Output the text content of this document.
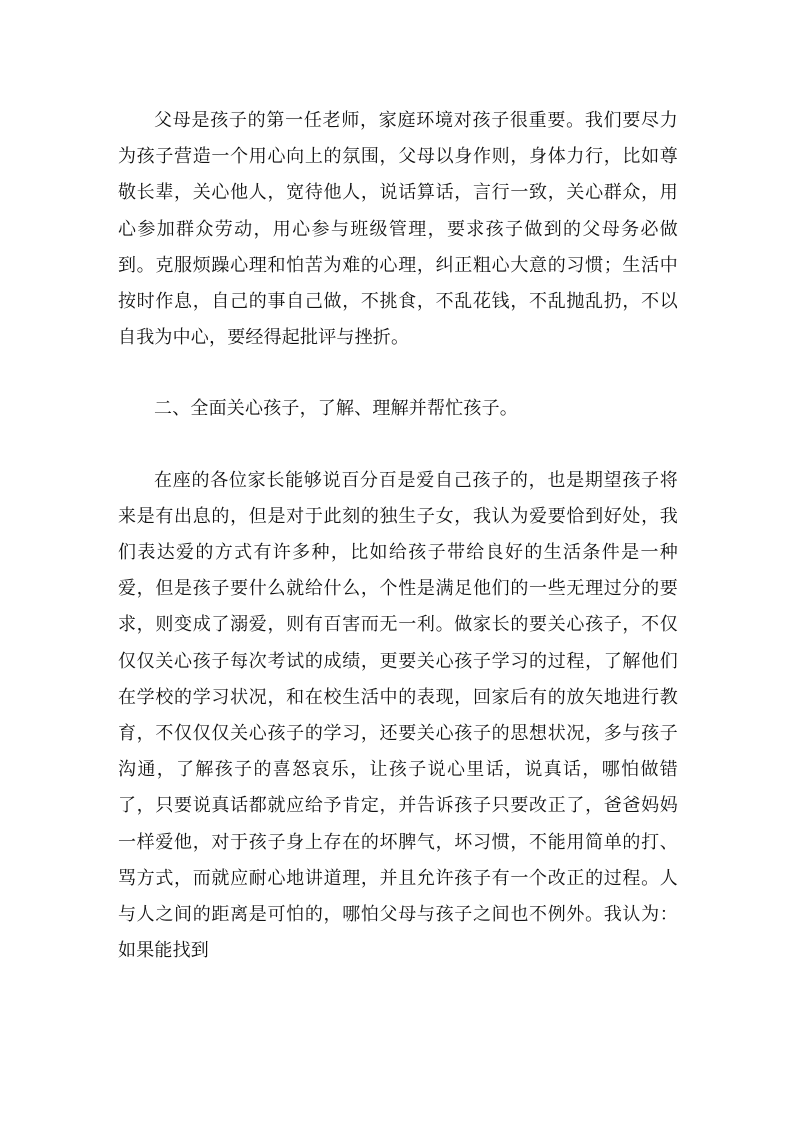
父母是孩子的第一任老师，家庭环境对孩子很重要。我们要尽力为孩子营造一个用心向上的氛围，父母以身作则，身体力行，比如尊敬长辈，关心他人，宽待他人，说话算话，言行一致，关心群众，用心参加群众劳动，用心参与班级管理，要求孩子做到的父母务必做到。克服烦躁心理和怕苦为难的心理，纠正粗心大意的习惯；生活中按时作息，自己的事自己做，不挑食，不乱花钱，不乱抛乱扔，不以自我为中心，要经得起批评与挫折。

二、全面关心孩子，了解、理解并帮忙孩子。

在座的各位家长能够说百分百是爱自己孩子的，也是期望孩子将来是有出息的，但是对于此刻的独生子女，我认为爱要恰到好处，我们表达爱的方式有许多种，比如给孩子带给良好的生活条件是一种爱，但是孩子要什么就给什么，个性是满足他们的一些无理过分的要求，则变成了溺爱，则有百害而无一利。做家长的要关心孩子，不仅仅仅关心孩子每次考试的成绩，更要关心孩子学习的过程，了解他们在学校的学习状况，和在校生活中的表现，回家后有的放矢地进行教育，不仅仅仅关心孩子的学习，还要关心孩子的思想状况，多与孩子沟通，了解孩子的喜怒哀乐，让孩子说心里话，说真话，哪怕做错了，只要说真话都就应给予肯定，并告诉孩子只要改正了，爸爸妈妈一样爱他，对于孩子身上存在的坏脾气，坏习惯，不能用简单的打、骂方式，而就应耐心地讲道理，并且允许孩子有一个改正的过程。人与人之间的距离是可怕的，哪怕父母与孩子之间也不例外。我认为：如果能找到
